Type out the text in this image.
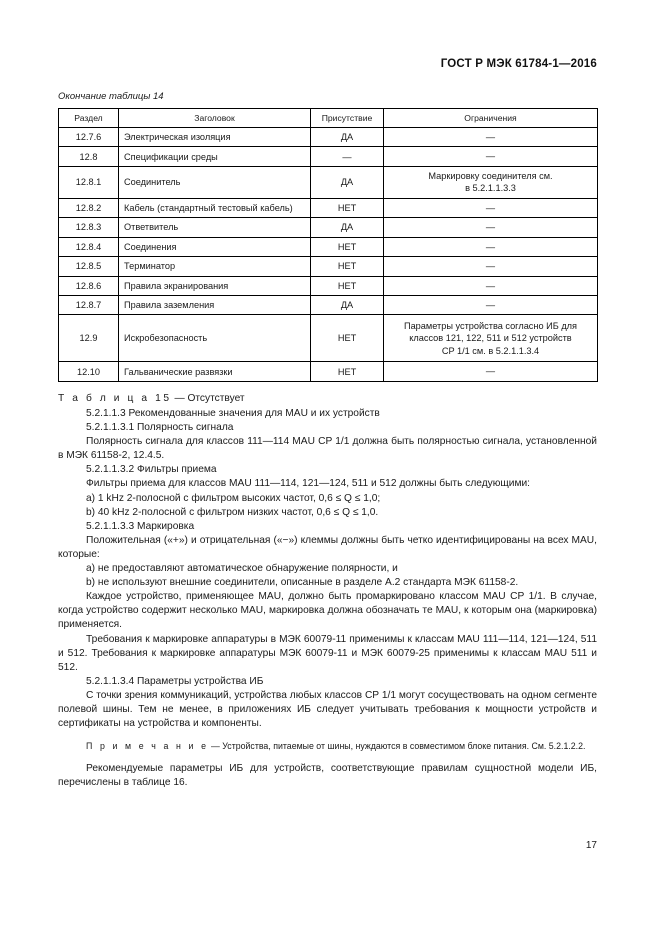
ГОСТ Р МЭК 61784-1—2016
Окончание таблицы 14
Раздел	Заголовок	Присутствие	Ограничения
12.7.6	Электрическая изоляция	ДА	—
12.8	Спецификации среды	—	—
12.8.1	Соединитель	ДА	Маркировку соединителя см.
в 5.2.1.1.3.3
12.8.2	Кабель (стандартный тестовый кабель)	НЕТ	—
12.8.3	Ответвитель	ДА	—
12.8.4	Соединения	НЕТ	—
12.8.5	Терминатор	НЕТ	—
12.8.6	Правила экранирования	НЕТ	—
12.8.7	Правила заземления	ДА	—
12.9	Искробезопасность	НЕТ	Параметры устройства согласно ИБ для
классов 121, 122, 511 и 512 устройств
CP 1/1 см. в 5.2.1.1.3.4
12.10	Гальванические развязки	НЕТ	—

Т а б л и ц а 15 — Отсутствует

5.2.1.1.3 Рекомендованные значения для MAU и их устройств

5.2.1.1.3.1 Полярность сигнала

Полярность сигнала для классов 111—114 MAU CP 1/1 должна быть полярностью сигнала, установленной в МЭК 61158-2, 12.4.5.

5.2.1.1.3.2 Фильтры приема

Фильтры приема для классов MAU 111—114, 121—124, 511 и 512 должны быть следующими:

a) 1 kHz 2-полосной с фильтром высоких частот, 0,6 ≤ Q ≤ 1,0;

b) 40 kHz 2-полосной с фильтром низких частот, 0,6 ≤ Q ≤ 1,0.

5.2.1.1.3.3 Маркировка

Положительная («+») и отрицательная («−») клеммы должны быть четко идентифицированы на всех MAU, которые:

a) не предоставляют автоматическое обнаружение полярности, и

b) не используют внешние соединители, описанные в разделе A.2 стандарта МЭК 61158-2.

Каждое устройство, применяющее MAU, должно быть промаркировано классом MAU CP 1/1. В случае, когда устройство содержит несколько MAU, маркировка должна обозначать те MAU, к которым она (маркировка) применяется.

Требования к маркировке аппаратуры в МЭК 60079-11 применимы к классам MAU 111—114, 121—124, 511 и 512. Требования к маркировке аппаратуры МЭК 60079-11 и МЭК 60079-25 применимы к классам MAU 511 и 512.

5.2.1.1.3.4 Параметры устройства ИБ

С точки зрения коммуникаций, устройства любых классов CP 1/1 могут сосуществовать на одном сегменте полевой шины. Тем не менее, в приложениях ИБ следует учитывать требования к мощности устройств и сертификаты на устройства и компоненты.

П р и м е ч а н и е — Устройства, питаемые от шины, нуждаются в совместимом блоке питания. См. 5.2.1.2.2.

Рекомендуемые параметры ИБ для устройств, соответствующие правилам сущностной модели ИБ, перечислены в таблице 16.

17
